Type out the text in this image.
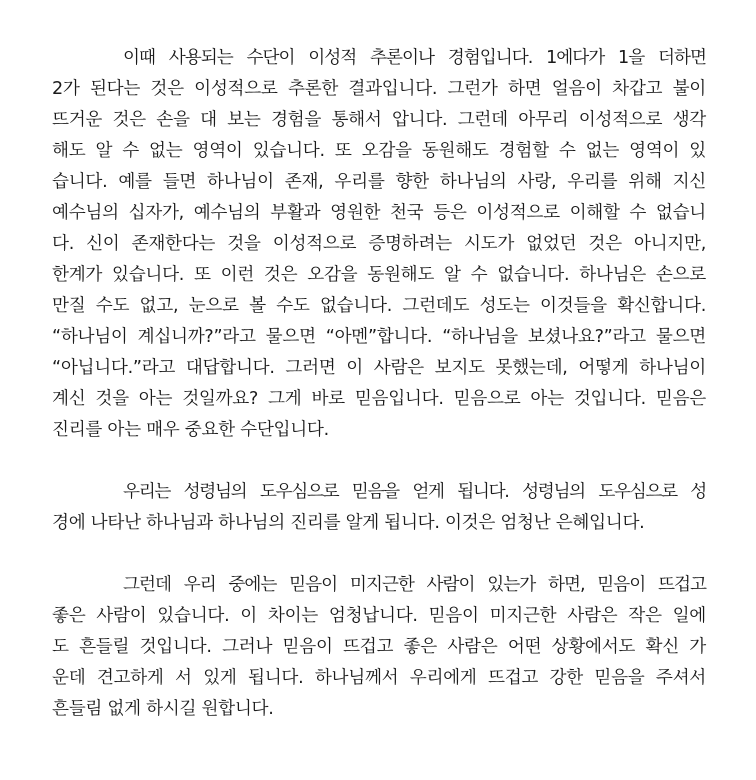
이때 사용되는 수단이 이성적 추론이나 경험입니다. 1에다가 1을 더하면
2가 된다는 것은 이성적으로 추론한 결과입니다. 그런가 하면 얼음이 차갑고 불이
뜨거운 것은 손을 대 보는 경험을 통해서 압니다. 그런데 아무리 이성적으로 생각
해도 알 수 없는 영역이 있습니다. 또 오감을 동원해도 경험할 수 없는 영역이 있
습니다. 예를 들면 하나님이 존재, 우리를 향한 하나님의 사랑, 우리를 위해 지신
예수님의 십자가, 예수님의 부활과 영원한 천국 등은 이성적으로 이해할 수 없습니
다. 신이 존재한다는 것을 이성적으로 증명하려는 시도가 없었던 것은 아니지만,
한계가 있습니다. 또 이런 것은 오감을 동원해도 알 수 없습니다. 하나님은 손으로
만질 수도 없고, 눈으로 볼 수도 없습니다. 그런데도 성도는 이것들을 확신합니다.
“하나님이 계십니까?”라고 물으면 “아멘”합니다. “하나님을 보셨나요?”라고 물으면
“아닙니다.”라고 대답합니다. 그러면 이 사람은 보지도 못했는데, 어떻게 하나님이
계신 것을 아는 것일까요? 그게 바로 믿음입니다. 믿음으로 아는 것입니다. 믿음은
진리를 아는 매우 중요한 수단입니다.
우리는 성령님의 도우심으로 믿음을 얻게 됩니다. 성령님의 도우심으로 성
경에 나타난 하나님과 하나님의 진리를 알게 됩니다. 이것은 엄청난 은혜입니다.
그런데 우리 중에는 믿음이 미지근한 사람이 있는가 하면, 믿음이 뜨겁고
좋은 사람이 있습니다. 이 차이는 엄청납니다. 믿음이 미지근한 사람은 작은 일에
도 흔들릴 것입니다. 그러나 믿음이 뜨겁고 좋은 사람은 어떤 상황에서도 확신 가
운데 견고하게 서 있게 됩니다. 하나님께서 우리에게 뜨겁고 강한 믿음을 주셔서
흔들림 없게 하시길 원합니다.
